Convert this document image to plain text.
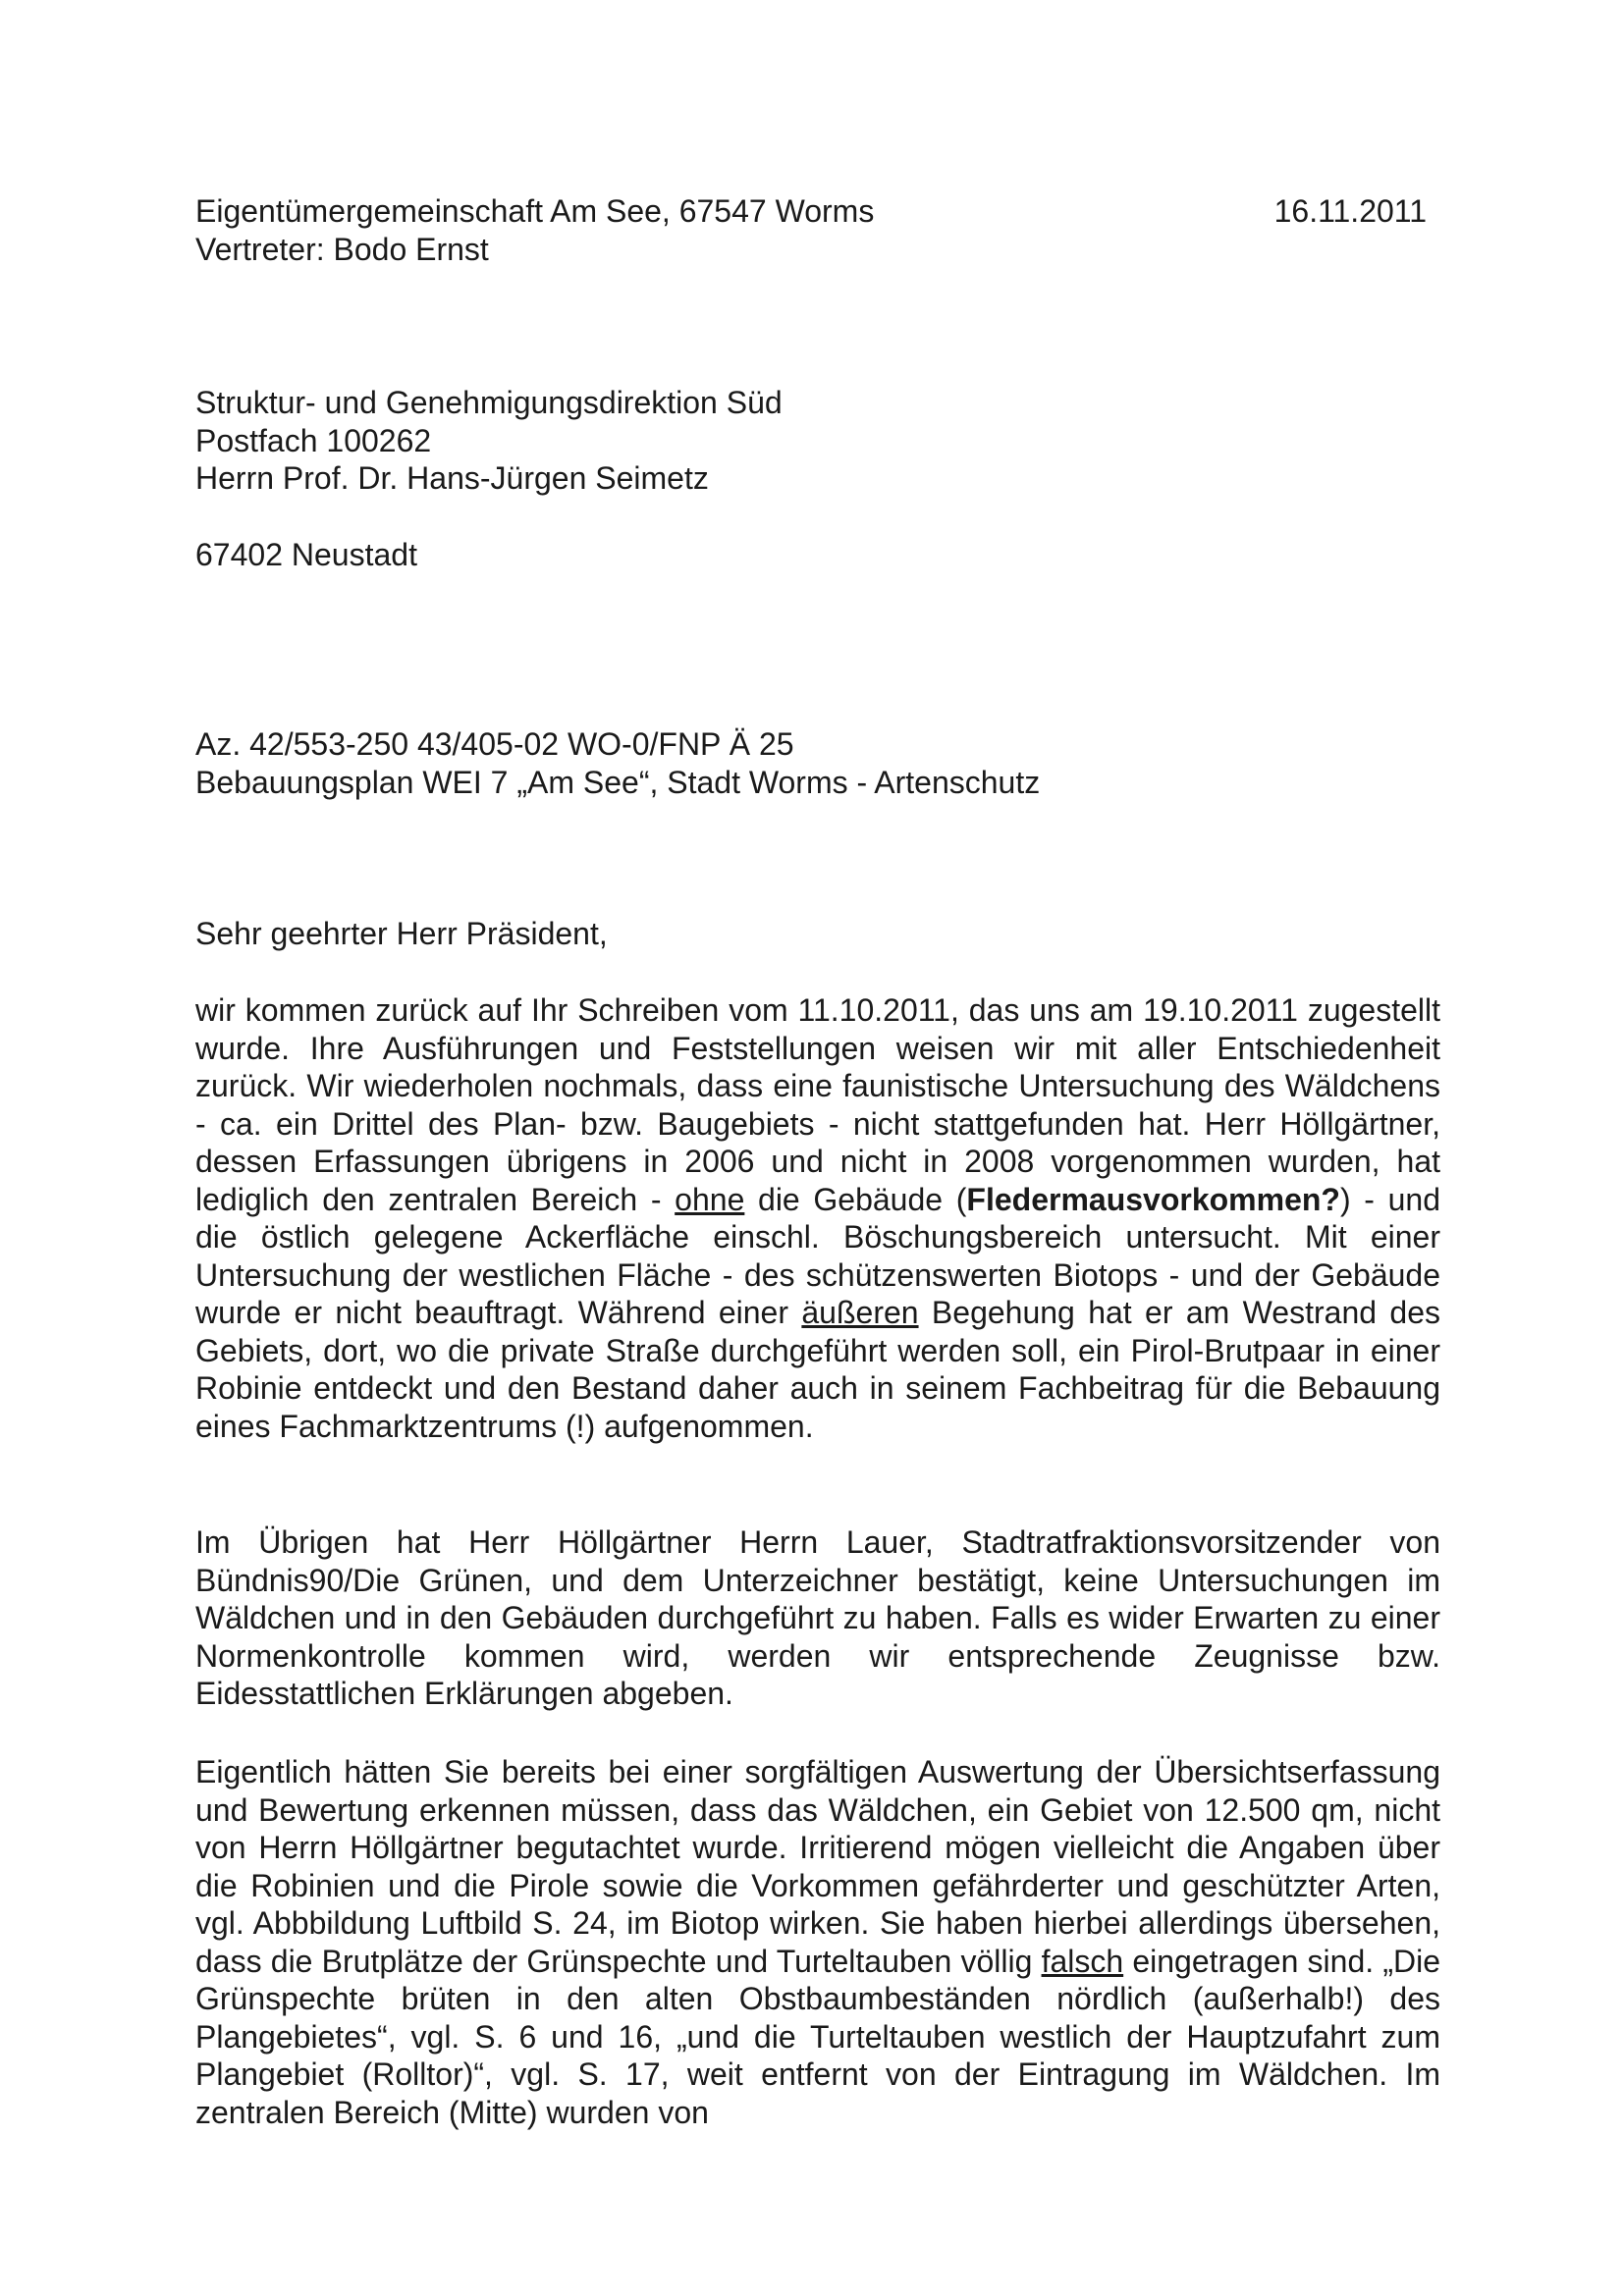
Eigentümergemeinschaft Am See, 67547 Worms
Vertreter: Bodo Ernst
16.11.2011
Struktur- und Genehmigungsdirektion Süd
Postfach 100262
Herrn Prof. Dr. Hans-Jürgen Seimetz
67402 Neustadt
Az. 42/553-250 43/405-02 WO-0/FNP Ä 25
Bebauungsplan WEI 7 „Am See“, Stadt Worms - Artenschutz
Sehr geehrter Herr Präsident,
wir kommen zurück auf Ihr Schreiben vom 11.10.2011, das uns am 19.10.2011 zugestellt wurde. Ihre Ausführungen und Feststellungen weisen wir mit aller Entschiedenheit zurück. Wir wiederholen nochmals, dass eine faunistische Untersuchung des Wäldchens - ca. ein Drittel des Plan- bzw. Baugebiets - nicht stattgefunden hat. Herr Höllgärtner, dessen Erfassungen übrigens in 2006 und nicht in 2008 vorgenommen wurden, hat lediglich den zentralen Bereich - ohne die Gebäude (Fledermausvorkommen?) - und die östlich gelegene Ackerfläche einschl. Böschungsbereich untersucht. Mit einer Untersuchung der westlichen Fläche - des schützenswerten Biotops - und der Gebäude wurde er nicht beauftragt. Während einer äußeren Begehung hat er am Westrand des Gebiets, dort, wo die private Straße durchgeführt werden soll, ein Pirol-Brutpaar in einer Robinie entdeckt und den Bestand daher auch in seinem Fachbeitrag für die Bebauung eines Fachmarktzentrums (!) aufgenommen.
Im Übrigen hat Herr Höllgärtner Herrn Lauer, Stadtratfraktionsvorsitzender von Bündnis90/Die Grünen, und dem Unterzeichner bestätigt, keine Untersuchungen im Wäldchen und in den Gebäuden durchgeführt zu haben. Falls es wider Erwarten zu einer Normenkontrolle kommen wird, werden wir entsprechende Zeugnisse bzw. Eidesstattlichen Erklärungen abgeben.
Eigentlich hätten Sie bereits bei einer sorgfältigen Auswertung der Übersichtserfassung und Bewertung erkennen müssen, dass das Wäldchen, ein Gebiet von 12.500 qm, nicht von Herrn Höllgärtner begutachtet wurde. Irritierend mögen vielleicht die Angaben über die Robinien und die Pirole sowie die Vorkommen gefährderter und geschützter Arten, vgl. Abbbildung Luftbild S. 24, im Biotop wirken. Sie haben hierbei allerdings übersehen, dass die Brutplätze der Grünspechte und Turteltauben völlig falsch eingetragen sind. „Die Grünspechte brüten in den alten Obstbaumbeständen nördlich (außerhalb!) des Plangebietes“, vgl. S. 6 und 16, „und die Turteltauben westlich der Hauptzufahrt zum Plangebiet (Rolltor)“, vgl. S. 17, weit entfernt von der Eintragung im Wäldchen. Im zentralen Bereich (Mitte) wurden von
